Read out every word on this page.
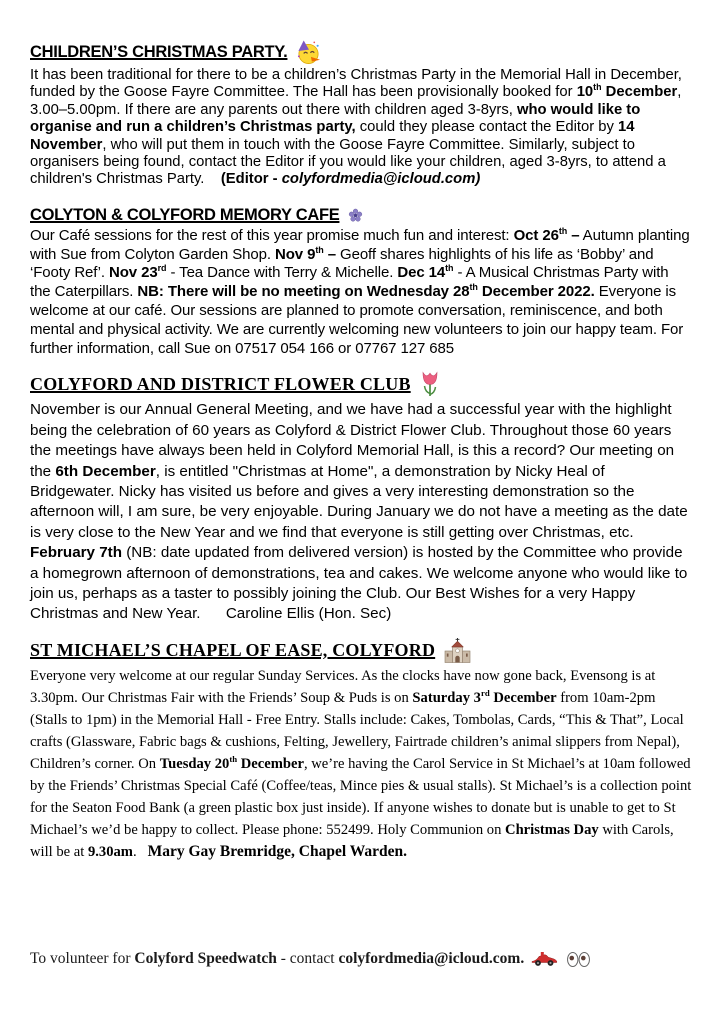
CHILDREN’S CHRISTMAS PARTY.

It has been traditional for there to be a children’s Christmas Party in the Memorial Hall in December, funded by the Goose Fayre Committee. The Hall has been provisionally booked for 10th December, 3.00–5.00pm. If there are any parents out there with children aged 3-8yrs, who would like to organise and run a children’s Christmas party, could they please contact the Editor by 14 November, who will put them in touch with the Goose Fayre Committee. Similarly, subject to organisers being found, contact the Editor if you would like your children, aged 3-8yrs, to attend a children's Christmas Party.    (Editor - colyfordmedia@icloud.com)

COLYTON & COLYFORD MEMORY CAFE

Our Café sessions for the rest of this year promise much fun and interest: Oct 26th – Autumn planting with Sue from Colyton Garden Shop. Nov 9th – Geoff shares highlights of his life as ‘Bobby’ and ‘Footy Ref’. Nov 23rd - Tea Dance with Terry & Michelle. Dec 14th - A Musical Christmas Party with the Caterpillars. NB: There will be no meeting on Wednesday 28th December 2022. Everyone is welcome at our café. Our sessions are planned to promote conversation, reminiscence, and both mental and physical activity. We are currently welcoming new volunteers to join our happy team. For further information, call Sue on 07517 054 166 or 07767 127 685

COLYFORD AND DISTRICT FLOWER CLUB

November is our Annual General Meeting, and we have had a successful year with the highlight being the celebration of 60 years as Colyford & District Flower Club. Throughout those 60 years the meetings have always been held in Colyford Memorial Hall, is this a record? Our meeting on the 6th December, is entitled "Christmas at Home", a demonstration by Nicky Heal of Bridgewater. Nicky has visited us before and gives a very interesting demonstration so the afternoon will, I am sure, be very enjoyable. During January we do not have a meeting as the date is very close to the New Year and we find that everyone is still getting over Christmas, etc. February 7th (NB: date updated from delivered version) is hosted by the Committee who provide a homegrown afternoon of demonstrations, tea and cakes. We welcome anyone who would like to join us, perhaps as a taster to possibly joining the Club. Our Best Wishes for a very Happy Christmas and New Year.      Caroline Ellis (Hon. Sec)

ST MICHAEL’S CHAPEL OF EASE, COLYFORD

Everyone very welcome at our regular Sunday Services. As the clocks have now gone back, Evensong is at 3.30pm. Our Christmas Fair with the Friends’ Soup & Puds is on Saturday 3rd December from 10am-2pm (Stalls to 1pm) in the Memorial Hall - Free Entry. Stalls include: Cakes, Tombolas, Cards, “This & That”, Local crafts (Glassware, Fabric bags & cushions, Felting, Jewellery, Fairtrade children’s animal slippers from Nepal), Children’s corner. On Tuesday 20th December, we’re having the Carol Service in St Michael’s at 10am followed by the Friends’ Christmas Special Café (Coffee/teas, Mince pies & usual stalls). St Michael’s is a collection point for the Seaton Food Bank (a green plastic box just inside). If anyone wishes to donate but is unable to get to St Michael’s we’d be happy to collect. Please phone: 552499. Holy Communion on Christmas Day with Carols, will be at 9.30am.   Mary Gay Bremridge, Chapel Warden.

To volunteer for Colyford Speedwatch - contact colyfordmedia@icloud.com.
